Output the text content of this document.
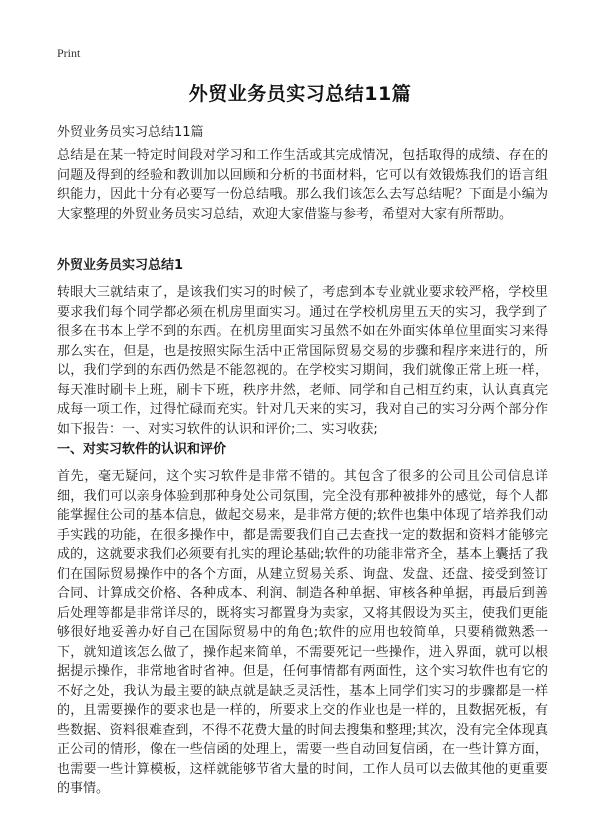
Print
外贸业务员实习总结11篇

外贸业务员实习总结11篇

总结是在某一特定时间段对学习和工作生活或其完成情况，包括取得的成绩、存在的问题及得到的经验和教训加以回顾和分析的书面材料，它可以有效锻炼我们的语言组织能力，因此十分有必要写一份总结哦。那么我们该怎么去写总结呢？下面是小编为大家整理的外贸业务员实习总结，欢迎大家借鉴与参考，希望对大家有所帮助。

外贸业务员实习总结1

转眼大三就结束了，是该我们实习的时候了，考虑到本专业就业要求较严格，学校里要求我们每个同学都必须在机房里面实习。通过在学校机房里五天的实习，我学到了很多在书本上学不到的东西。在机房里面实习虽然不如在外面实体单位里面实习来得那么实在，但是，也是按照实际生活中正常国际贸易交易的步骤和程序来进行的，所以，我们学到的东西仍然是不能忽视的。在学校实习期间，我们就像正常上班一样，每天准时刷卡上班，刷卡下班，秩序井然，老师、同学和自己相互约束，认认真真完成每一项工作，过得忙碌而充实。针对几天来的实习，我对自己的实习分两个部分作如下报告：一、对实习软件的认识和评价;二、实习收获;

一、对实习软件的认识和评价

首先，毫无疑问，这个实习软件是非常不错的。其包含了很多的公司且公司信息详细，我们可以亲身体验到那种身处公司氛围，完全没有那种被排外的感觉，每个人都能掌握住公司的基本信息，做起交易来，是非常方便的;软件也集中体现了培养我们动手实践的功能，在很多操作中，都是需要我们自己去查找一定的数据和资料才能够完成的，这就要求我们必须要有扎实的理论基础;软件的功能非常齐全，基本上囊括了我们在国际贸易操作中的各个方面，从建立贸易关系、询盘、发盘、还盘、接受到签订合同、计算成交价格、各种成本、利润、制造各种单据、审核各种单据，再最后到善后处理等都是非常详尽的，既将实习都置身为卖家，又将其假设为买主，使我们更能够很好地妥善办好自己在国际贸易中的角色;软件的应用也较简单，只要稍微熟悉一下，就知道该怎么做了，操作起来简单，不需要死记一些操作，进入界面，就可以根据提示操作，非常地省时省神。但是，任何事情都有两面性，这个实习软件也有它的不好之处，我认为最主要的缺点就是缺乏灵活性，基本上同学们实习的步骤都是一样的，且需要操作的要求也是一样的，所要求上交的作业也是一样的，且数据死板，有些数据、资料很难查到，不得不花费大量的时间去搜集和整理;其次，没有完全体现真正公司的情形，像在一些信函的处理上，需要一些自动回复信函，在一些计算方面，也需要一些计算模板，这样就能够节省大量的时间，工作人员可以去做其他的更重要的事情。
